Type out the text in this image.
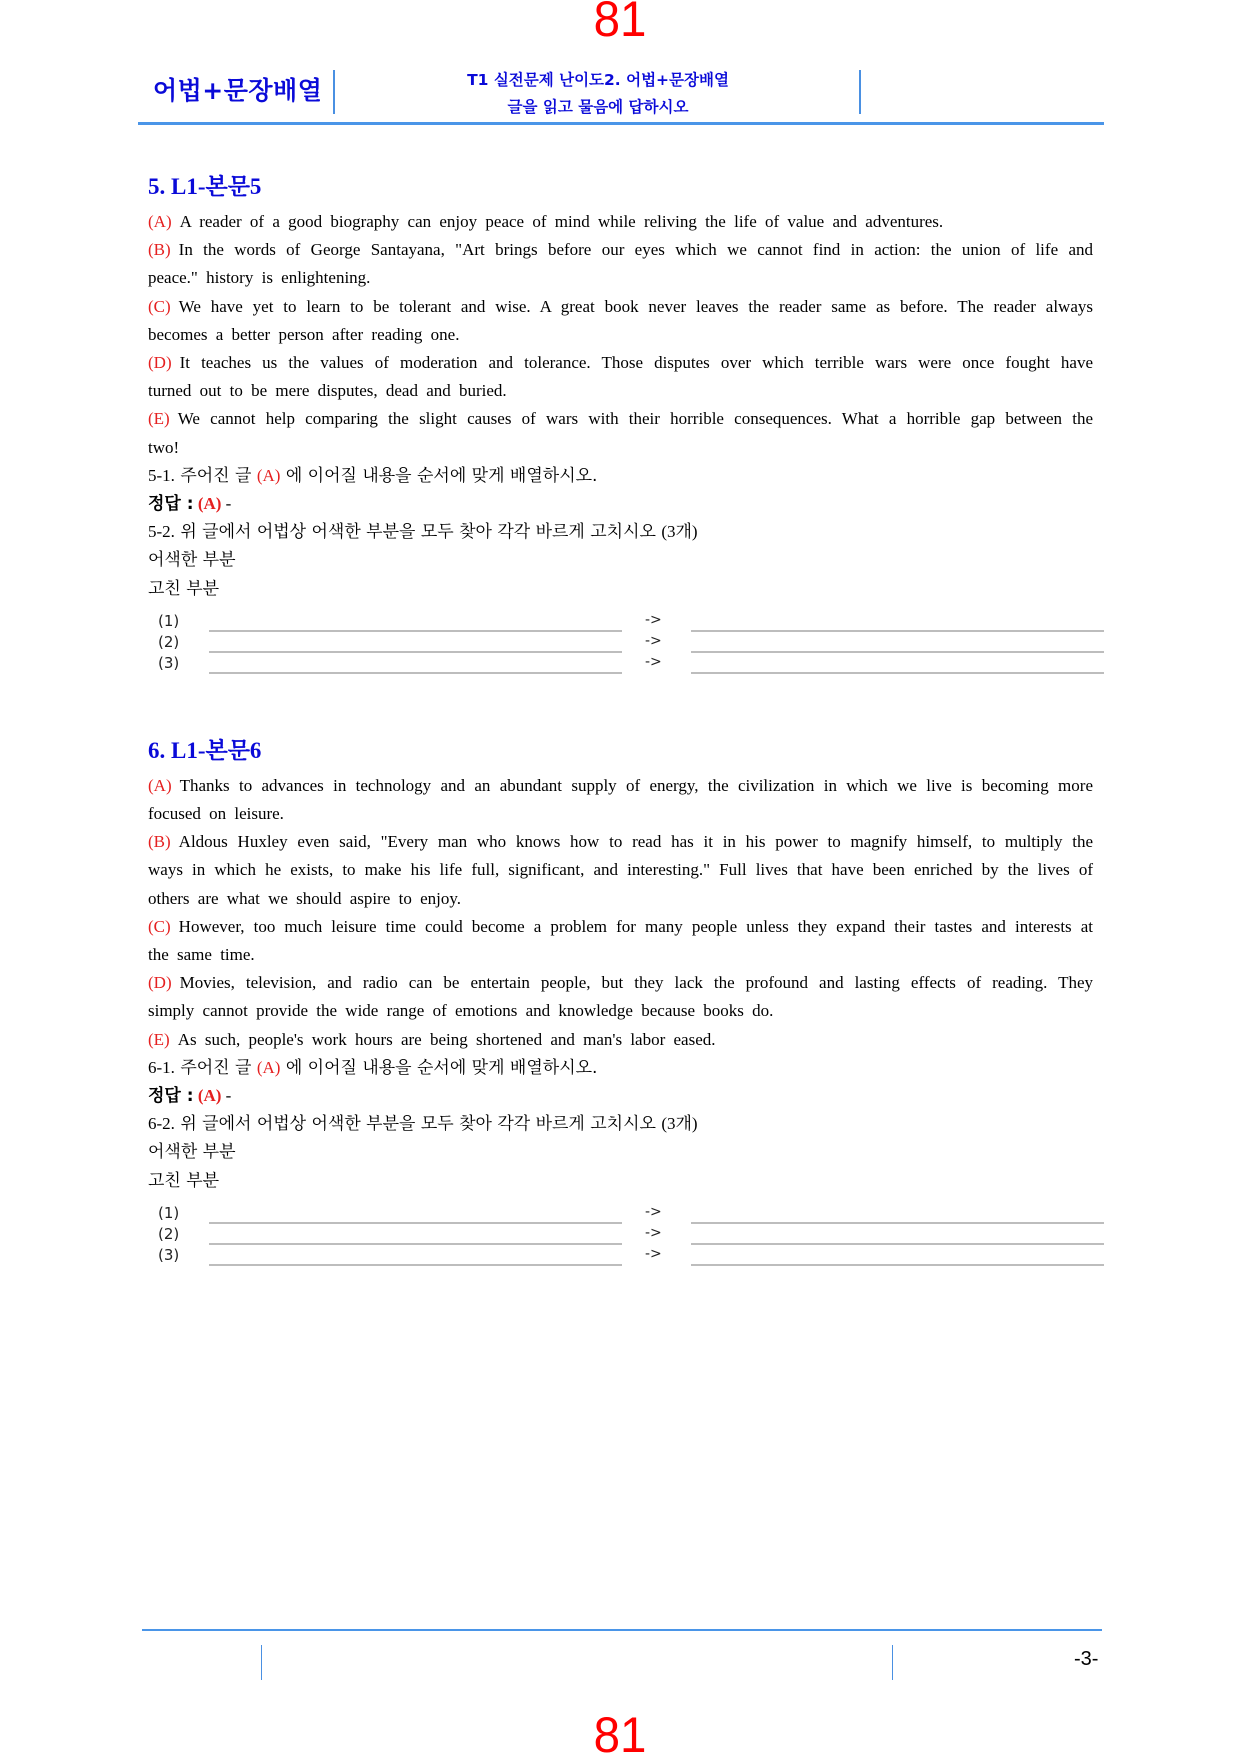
81
어법+문장배열	T1 실전문제 난이도2. 어법+문장배열
글을 읽고 물음에 답하시오
5. L1-본문5
(A) A reader of a good biography can enjoy peace of mind while reliving the life of value and adventures.
(B) In the words of George Santayana, "Art brings before our eyes which we cannot find in action: the union of life and peace." history is enlightening.
(C) We have yet to learn to be tolerant and wise. A great book never leaves the reader same as before. The reader always becomes a better person after reading one.
(D) It teaches us the values of moderation and tolerance. Those disputes over which terrible wars were once fought have turned out to be mere disputes, dead and buried.
(E) We cannot help comparing the slight causes of wars with their horrible consequences. What a horrible gap between the two!
5-1. 주어진 글 (A) 에 이어질 내용을 순서에 맞게 배열하시오.
정답 : (A) -
5-2. 위 글에서 어법상 어색한 부분을 모두 찾아 각각 바르게 고치시오 (3개)
어색한 부분
고친 부분
(1)	->
(2)	->
(3)	->
6. L1-본문6
(A) Thanks to advances in technology and an abundant supply of energy, the civilization in which we live is becoming more focused on leisure.
(B) Aldous Huxley even said, "Every man who knows how to read has it in his power to magnify himself, to multiply the ways in which he exists, to make his life full, significant, and interesting." Full lives that have been enriched by the lives of others are what we should aspire to enjoy.
(C) However, too much leisure time could become a problem for many people unless they expand their tastes and interests at the same time.
(D) Movies, television, and radio can be entertain people, but they lack the profound and lasting effects of reading. They simply cannot provide the wide range of emotions and knowledge because books do.
(E) As such, people's work hours are being shortened and man's labor eased.
6-1. 주어진 글 (A) 에 이어질 내용을 순서에 맞게 배열하시오.
정답 : (A) -
6-2. 위 글에서 어법상 어색한 부분을 모두 찾아 각각 바르게 고치시오 (3개)
어색한 부분
고친 부분
(1)	->
(2)	->
(3)	->
-3-
81
